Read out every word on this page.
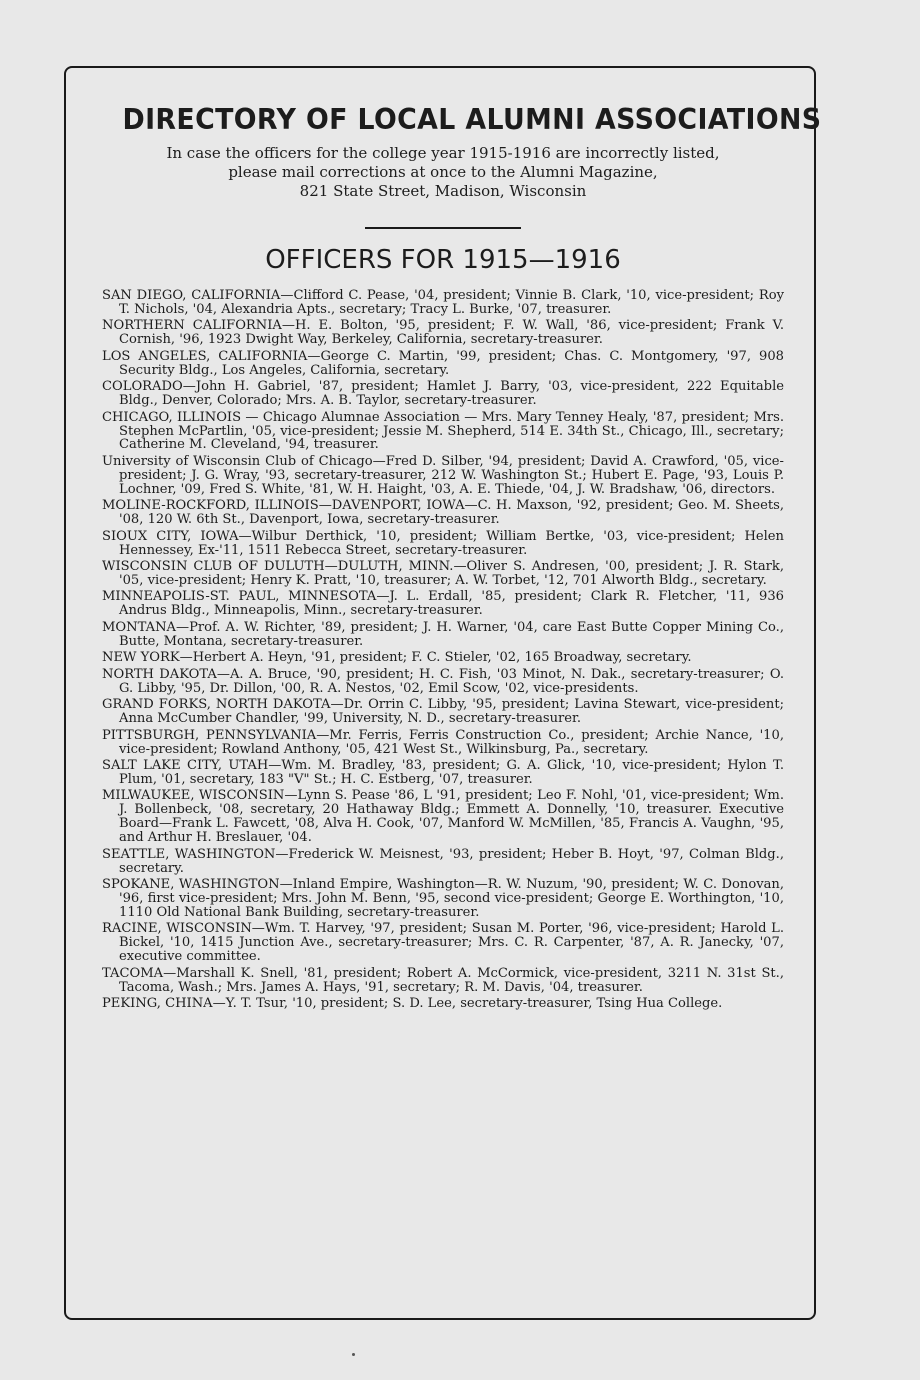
DIRECTORY OF LOCAL ALUMNI ASSOCIATIONS
In case the officers for the college year 1915-1916 are incorrectly listed,
please mail corrections at once to the Alumni Magazine,
821 State Street, Madison, Wisconsin
OFFICERS FOR 1915—1916

SAN DIEGO, CALIFORNIA—Clifford C. Pease, '04, president; Vinnie B. Clark, '10, vice-president; Roy T. Nichols, '04, Alexandria Apts., secretary; Tracy L. Burke, '07, treasurer.

NORTHERN CALIFORNIA—H. E. Bolton, '95, president; F. W. Wall, '86, vice-president; Frank V. Cornish, '96, 1923 Dwight Way, Berkeley, California, secretary-treasurer.

LOS ANGELES, CALIFORNIA—George C. Martin, '99, president; Chas. C. Montgomery, '97, 908 Security Bldg., Los Angeles, California, secretary.

COLORADO—John H. Gabriel, '87, president; Hamlet J. Barry, '03, vice-president, 222 Equitable Bldg., Denver, Colorado; Mrs. A. B. Taylor, secretary-treasurer.

CHICAGO, ILLINOIS — Chicago Alumnae Association — Mrs. Mary Tenney Healy, '87, president; Mrs. Stephen McPartlin, '05, vice-president; Jessie M. Shepherd, 514 E. 34th St., Chicago, Ill., secretary; Catherine M. Cleveland, '94, treasurer.

University of Wisconsin Club of Chicago—Fred D. Silber, '94, president; David A. Crawford, '05, vice-president; J. G. Wray, '93, secretary-treasurer, 212 W. Washington St.; Hubert E. Page, '93, Louis P. Lochner, '09, Fred S. White, '81, W. H. Haight, '03, A. E. Thiede, '04, J. W. Bradshaw, '06, directors.

MOLINE-ROCKFORD, ILLINOIS—DAVENPORT, IOWA—C. H. Maxson, '92, president; Geo. M. Sheets, '08, 120 W. 6th St., Davenport, Iowa, secretary-treasurer.

SIOUX CITY, IOWA—Wilbur Derthick, '10, president; William Bertke, '03, vice-president; Helen Hennessey, Ex-'11, 1511 Rebecca Street, secretary-treasurer.

WISCONSIN CLUB OF DULUTH—DULUTH, MINN.—Oliver S. Andresen, '00, president; J. R. Stark, '05, vice-president; Henry K. Pratt, '10, treasurer; A. W. Torbet, '12, 701 Alworth Bldg., secretary.

MINNEAPOLIS-ST. PAUL, MINNESOTA—J. L. Erdall, '85, president; Clark R. Fletcher, '11, 936 Andrus Bldg., Minneapolis, Minn., secretary-treasurer.

MONTANA—Prof. A. W. Richter, '89, president; J. H. Warner, '04, care East Butte Copper Mining Co., Butte, Montana, secretary-treasurer.

NEW YORK—Herbert A. Heyn, '91, president; F. C. Stieler, '02, 165 Broadway, secretary.

NORTH DAKOTA—A. A. Bruce, '90, president; H. C. Fish, '03 Minot, N. Dak., secretary-treasurer; O. G. Libby, '95, Dr. Dillon, '00, R. A. Nestos, '02, Emil Scow, '02, vice-presidents.

GRAND FORKS, NORTH DAKOTA—Dr. Orrin C. Libby, '95, president; Lavina Stewart, vice-president; Anna McCumber Chandler, '99, University, N. D., secretary-treasurer.

PITTSBURGH, PENNSYLVANIA—Mr. Ferris, Ferris Construction Co., president; Archie Nance, '10, vice-president; Rowland Anthony, '05, 421 West St., Wilkinsburg, Pa., secretary.

SALT LAKE CITY, UTAH—Wm. M. Bradley, '83, president; G. A. Glick, '10, vice-president; Hylon T. Plum, '01, secretary, 183 "V" St.; H. C. Estberg, '07, treasurer.

MILWAUKEE, WISCONSIN—Lynn S. Pease '86, L '91, president; Leo F. Nohl, '01, vice-president; Wm. J. Bollenbeck, '08, secretary, 20 Hathaway Bldg.; Emmett A. Donnelly, '10, treasurer. Executive Board—Frank L. Fawcett, '08, Alva H. Cook, '07, Manford W. McMillen, '85, Francis A. Vaughn, '95, and Arthur H. Breslauer, '04.

SEATTLE, WASHINGTON—Frederick W. Meisnest, '93, president; Heber B. Hoyt, '97, Colman Bldg., secretary.

SPOKANE, WASHINGTON—Inland Empire, Washington—R. W. Nuzum, '90, president; W. C. Donovan, '96, first vice-president; Mrs. John M. Benn, '95, second vice-president; George E. Worthington, '10, 1110 Old National Bank Building, secretary-treasurer.

RACINE, WISCONSIN—Wm. T. Harvey, '97, president; Susan M. Porter, '96, vice-president; Harold L. Bickel, '10, 1415 Junction Ave., secretary-treasurer; Mrs. C. R. Carpenter, '87, A. R. Janecky, '07, executive committee.

TACOMA—Marshall K. Snell, '81, president; Robert A. McCormick, vice-president, 3211 N. 31st St., Tacoma, Wash.; Mrs. James A. Hays, '91, secretary; R. M. Davis, '04, treasurer.

PEKING, CHINA—Y. T. Tsur, '10, president; S. D. Lee, secretary-treasurer, Tsing Hua College.
